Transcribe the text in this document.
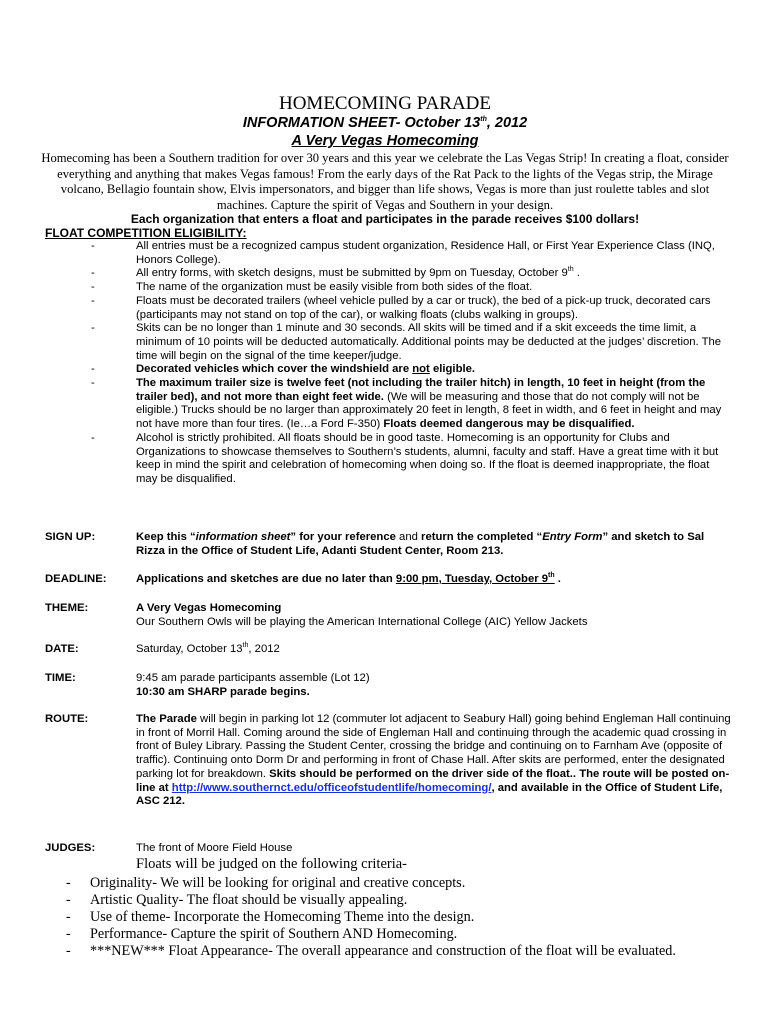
HOMECOMING PARADE
INFORMATION SHEET- October 13th, 2012
A Very Vegas Homecoming
Homecoming has been a Southern tradition for over 30 years and this year we celebrate the Las Vegas Strip! In creating a float, consider everything and anything that makes Vegas famous! From the early days of the Rat Pack to the lights of the Vegas strip, the Mirage volcano, Bellagio fountain show, Elvis impersonators, and bigger than life shows, Vegas is more than just roulette tables and slot machines. Capture the spirit of Vegas and Southern in your design.
Each organization that enters a float and participates in the parade receives $100 dollars!
FLOAT COMPETITION ELIGIBILITY:
-	All entries must be a recognized campus student organization, Residence Hall, or First Year Experience Class (INQ, Honors College).
-	All entry forms, with sketch designs, must be submitted by 9pm on Tuesday, October 9th .
-	The name of the organization must be easily visible from both sides of the float.
-	Floats must be decorated trailers (wheel vehicle pulled by a car or truck), the bed of a pick-up truck, decorated cars (participants may not stand on top of the car), or walking floats (clubs walking in groups).
-	Skits can be no longer than 1 minute and 30 seconds. All skits will be timed and if a skit exceeds the time limit, a minimum of 10 points will be deducted automatically. Additional points may be deducted at the judges’ discretion. The time will begin on the signal of the time keeper/judge.
-	Decorated vehicles which cover the windshield are not eligible.
-	The maximum trailer size is twelve feet (not including the trailer hitch) in length, 10 feet in height (from the trailer bed), and not more than eight feet wide. (We will be measuring and those that do not comply will not be eligible.) Trucks should be no larger than approximately 20 feet in length, 8 feet in width, and 6 feet in height and may not have more than four tires. (Ie…a Ford F-350) Floats deemed dangerous may be disqualified.
-	Alcohol is strictly prohibited. All floats should be in good taste. Homecoming is an opportunity for Clubs and Organizations to showcase themselves to Southern’s students, alumni, faculty and staff. Have a great time with it but keep in mind the spirit and celebration of homecoming when doing so. If the float is deemed inappropriate, the float may be disqualified.
SIGN UP:	Keep this “information sheet” for your reference and return the completed “Entry Form” and sketch to Sal Rizza in the Office of Student Life, Adanti Student Center, Room 213.
DEADLINE:	Applications and sketches are due no later than 9:00 pm, Tuesday, October 9th .
THEME:	A Very Vegas Homecoming
Our Southern Owls will be playing the American International College (AIC) Yellow Jackets
DATE:	Saturday, October 13th, 2012
TIME:	9:45 am parade participants assemble (Lot 12)
10:30 am SHARP parade begins.
ROUTE:	The Parade will begin in parking lot 12 (commuter lot adjacent to Seabury Hall) going behind Engleman Hall continuing in front of Morril Hall. Coming around the side of Engleman Hall and continuing through the academic quad crossing in front of Buley Library. Passing the Student Center, crossing the bridge and continuing on to Farnham Ave (opposite of traffic). Continuing onto Dorm Dr and performing in front of Chase Hall. After skits are performed, enter the designated parking lot for breakdown. Skits should be performed on the driver side of the float.. The route will be posted on-line at http://www.southernct.edu/officeofstudentlife/homecoming/, and available in the Office of Student Life, ASC 212.
JUDGES:	The front of Moore Field House
Floats will be judged on the following criteria-
- Originality- We will be looking for original and creative concepts.
- Artistic Quality- The float should be visually appealing.
- Use of theme- Incorporate the Homecoming Theme into the design.
- Performance- Capture the spirit of Southern AND Homecoming.
- ***NEW*** Float Appearance- The overall appearance and construction of the float will be evaluated.
